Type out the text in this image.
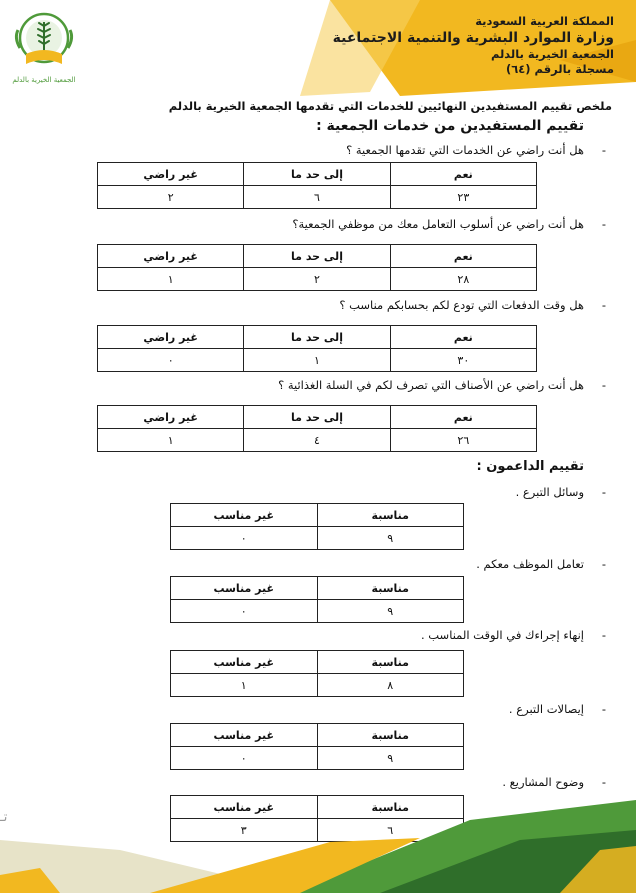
الجمعية الخيرية بالدلم
المملكة العربية السعودية
وزارة الموارد البشرية والتنمية الاجتماعية
الجمعية الخيرية بالدلم
مسجلة بالرقم (٦٤)
ملخص تقييم المستفيدين النهائيين للخدمات التي تقدمها الجمعية الخيرية بالدلم
تقييم المستفيدين من خدمات الجمعية :
هل أنت راضي عن الخدمات التي تقدمها الجمعية ؟ -
نعم	إلى حد ما	غير راضي
٢٣	٦	٢
هل أنت راضي عن أسلوب التعامل معك من موظفي الجمعية؟ -
نعم	إلى حد ما	غير راضي
٢٨	٢	١
هل وقت الدفعات التي تودع لكم بحسابكم مناسب ؟ -
نعم	إلى حد ما	غير راضي
٣٠	١	٠
هل أنت راضي عن الأصناف التي تصرف لكم في السلة الغذائية ؟ -
نعم	إلى حد ما	غير راضي
٢٦	٤	١
تقييم الداعمون :
وسائل التبرع . -
مناسبة	غير مناسب
٩	٠
تعامل الموظف معكم . -
مناسبة	غير مناسب
٩	٠
إنهاء إجراءك في الوقت المناسب . -
مناسبة	غير مناسب
٨	١
إيصالات التبرع . -
مناسبة	غير مناسب
٩	٠
وضوح المشاريع . -
مناسبة	غير مناسب
٦	٣
تـ
